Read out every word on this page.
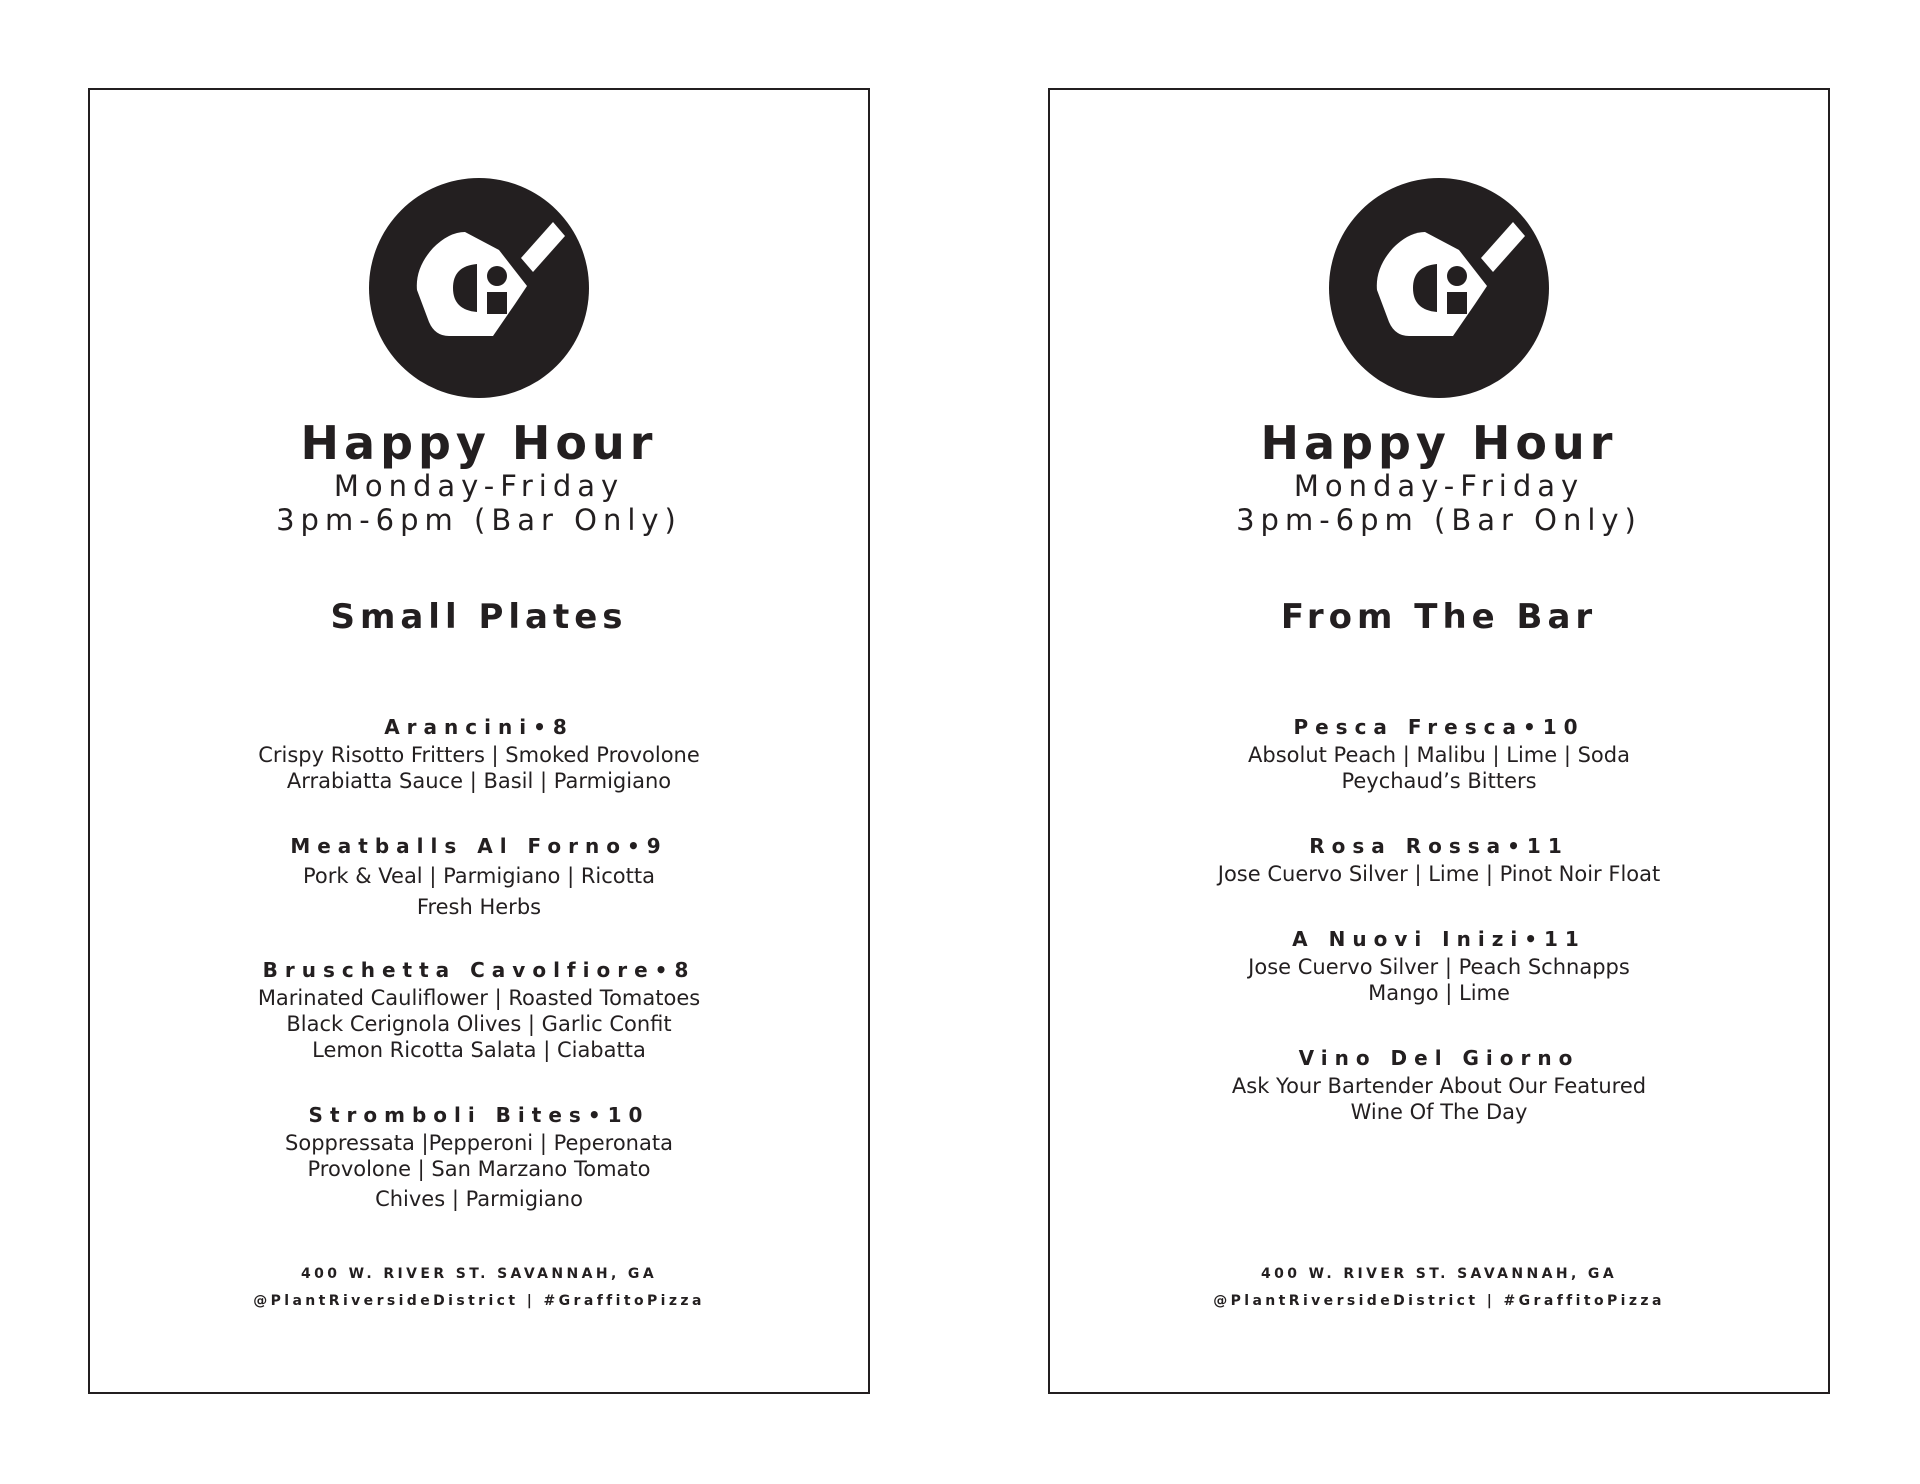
Happy Hour
Monday-Friday
3pm-6pm (Bar Only)
Small Plates
Arancini•8
Crispy Risotto Fritters | Smoked Provolone
Arrabiatta Sauce | Basil | Parmigiano
Meatballs Al Forno•9
Pork & Veal | Parmigiano | Ricotta
Fresh Herbs
Bruschetta Cavolfiore•8
Marinated Cauliflower | Roasted Tomatoes
Black Cerignola Olives | Garlic Confit
Lemon Ricotta Salata | Ciabatta
Stromboli Bites•10
Soppressata |Pepperoni | Peperonata
Provolone | San Marzano Tomato
Chives | Parmigiano
400 W. RIVER ST. SAVANNAH, GA
@PlantRiversideDistrict | #GraffitoPizza
Happy Hour
Monday-Friday
3pm-6pm (Bar Only)
From The Bar
Pesca Fresca•10
Absolut Peach | Malibu | Lime | Soda
Peychaud’s Bitters
Rosa Rossa•11
Jose Cuervo Silver | Lime | Pinot Noir Float
A Nuovi Inizi•11
Jose Cuervo Silver | Peach Schnapps
Mango | Lime
Vino Del Giorno
Ask Your Bartender About Our Featured
Wine Of The Day
400 W. RIVER ST. SAVANNAH, GA
@PlantRiversideDistrict | #GraffitoPizza
